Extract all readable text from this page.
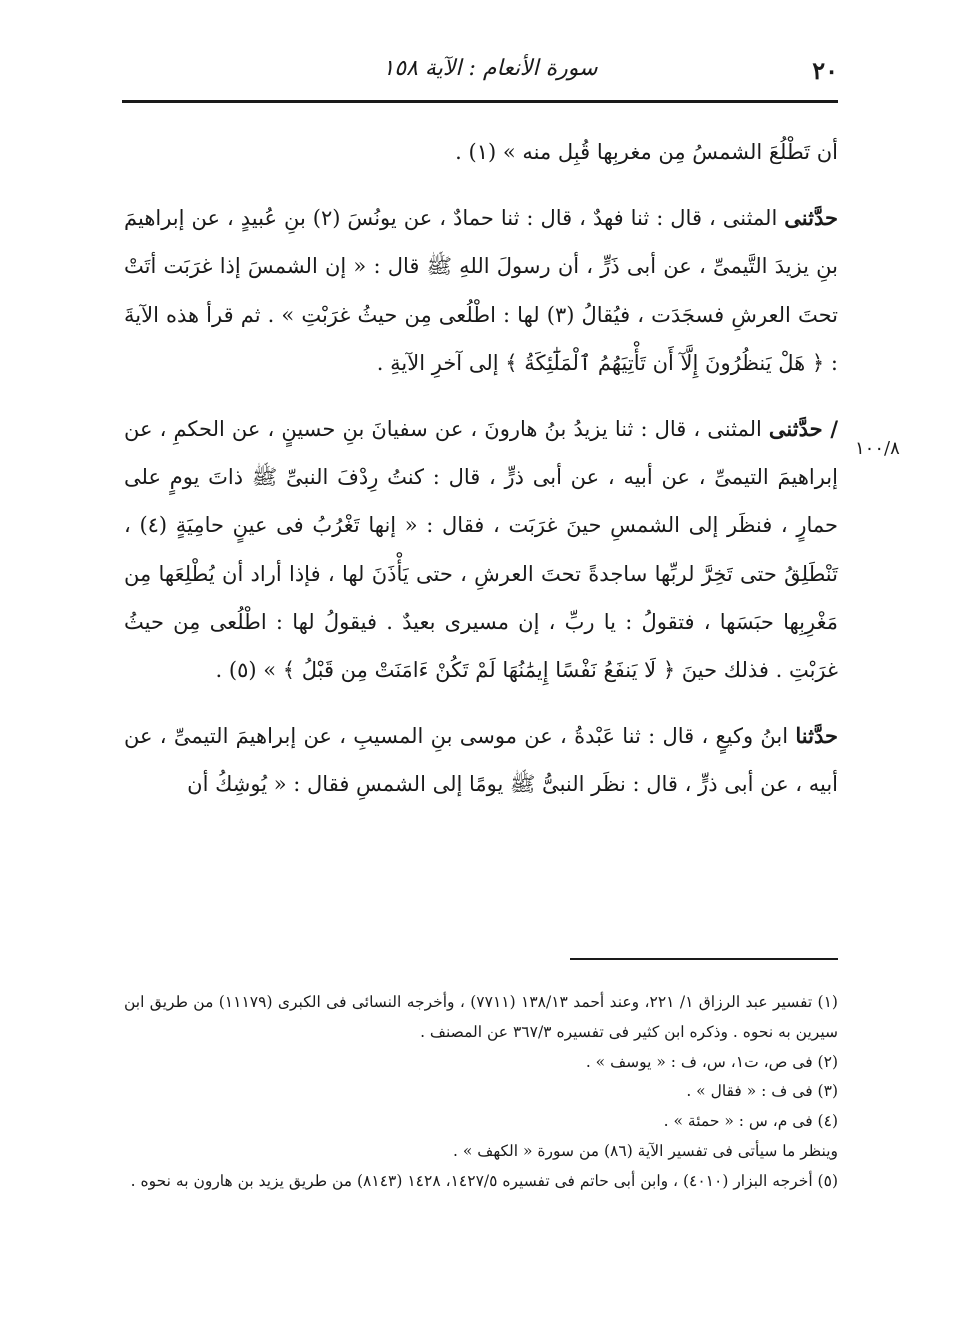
٢٠
سورة الأنعام : الآية ١٥٨
١٠٠/٨

أن تَطْلُعَ الشمسُ مِن مغربِها قُبِل منه » (١) .

حدَّثنى المثنى ، قال : ثنا فهدٌ ، قال : ثنا حمادٌ ، عن يونُسَ (٢) بنِ عُبيدٍ ، عن إبراهيمَ بنِ يزيدَ التَّيمىِّ ، عن أبى ذَرٍّ ، أن رسولَ اللهِ ﷺ قال : « إن الشمسَ إذا غرَبَت أتَتْ تحتَ العرشِ فسجَدَت ، فيُقالُ (٣) لها : اطْلُعى مِن حيثُ غرَبْتِ » . ثم قرأ هذه الآيةَ : ﴿ هَلْ يَنظُرُونَ إِلَّآ أَن تَأْتِيَهُمُ ٱلْمَلَٰٓئِكَةُ ﴾ إلى آخرِ الآيةِ .

/ حدَّثنى المثنى ، قال : ثنا يزيدُ بنُ هارونَ ، عن سفيانَ بنِ حسينٍ ، عن الحكمِ ، عن إبراهيمَ التيمىِّ ، عن أبيه ، عن أبى ذرٍّ ، قال : كنتُ رِدْفَ النبىِّ ﷺ ذاتَ يومٍ على حمارٍ ، فنظَر إلى الشمسِ حينَ غرَبَت ، فقال : « إنها تَغْرُبُ فى عينٍ حامِيَةٍ (٤) ، تَنْطَلِقُ حتى تَخِرَّ لربِّها ساجدةً تحتَ العرشِ ، حتى يَأْذَنَ لها ، فإذا أراد أن يُطْلِعَها مِن مَغْرِبِها حبَسَها ، فتقولُ : يا ربِّ ، إن مسيرى بعيدٌ . فيقولُ لها : اطْلُعى مِن حيثُ غرَبْتِ . فذلك حينَ ﴿ لَا يَنفَعُ نَفْسًا إِيمَٰنُهَا لَمْ تَكُنْ ءَامَنَتْ مِن قَبْلُ ﴾ » (٥) .

حدَّثنا ابنُ وكيعٍ ، قال : ثنا عَبْدةُ ، عن موسى بنِ المسيبِ ، عن إبراهيمَ التيمىِّ ، عن أبيه ، عن أبى ذرٍّ ، قال : نظَر النبىُّ ﷺ يومًا إلى الشمسِ فقال : « يُوشِكُ أن

(١) تفسير عبد الرزاق ١/ ٢٢١، وعند أحمد ١٣٨/١٣ (٧٧١١) ، وأخرجه النسائى فى الكبرى (١١١٧٩) من طريق ابن سيرين به نحوه . وذكره ابن كثير فى تفسيره ٣٦٧/٣ عن المصنف .

(٢) فى ص، ت١، س، ف : « يوسف » .

(٣) فى ف : « فقال » .

(٤) فى م، س : « حمئة » .

وينظر ما سيأتى فى تفسير الآية (٨٦) من سورة « الكهف » .

(٥) أخرجه البزار (٤٠١٠) ، وابن أبى حاتم فى تفسيره ١٤٢٧/٥، ١٤٢٨ (٨١٤٣) من طريق يزيد بن هارون به نحوه .
